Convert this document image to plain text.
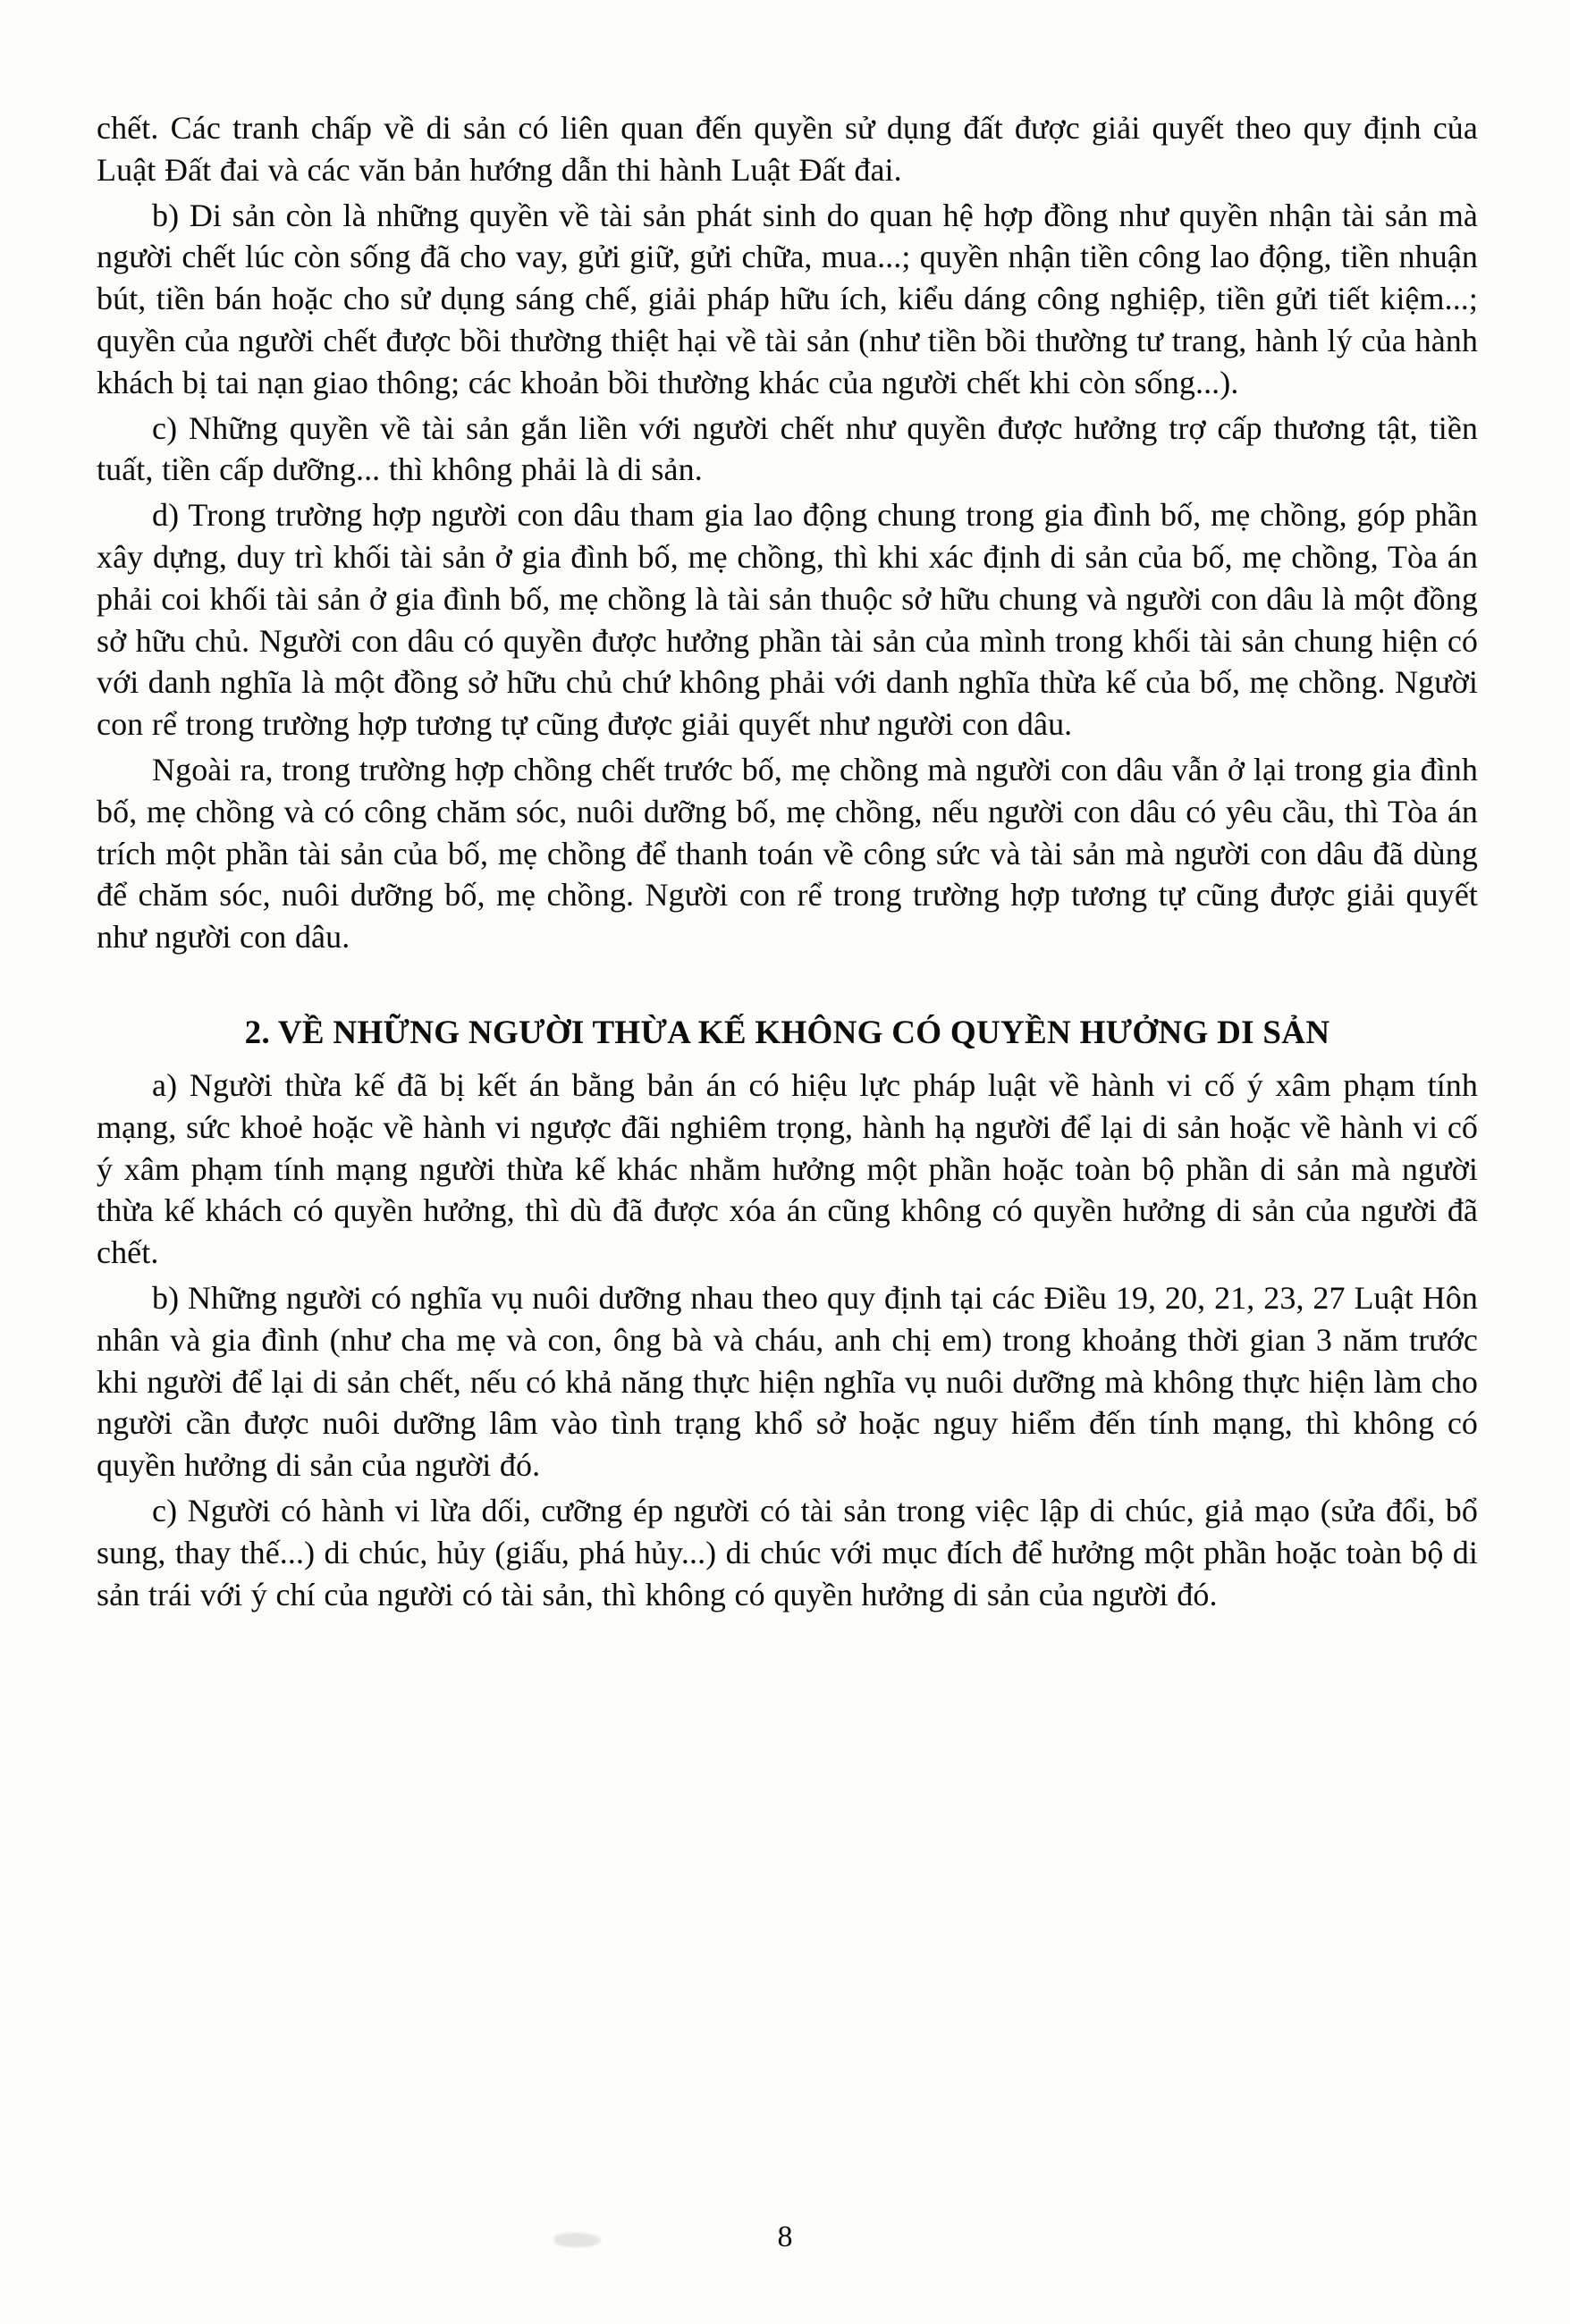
chết. Các tranh chấp về di sản có liên quan đến quyền sử dụng đất được giải quyết theo quy định của Luật Đất đai và các văn bản hướng dẫn thi hành Luật Đất đai.

b) Di sản còn là những quyền về tài sản phát sinh do quan hệ hợp đồng như quyền nhận tài sản mà người chết lúc còn sống đã cho vay, gửi giữ, gửi chữa, mua...; quyền nhận tiền công lao động, tiền nhuận bút, tiền bán hoặc cho sử dụng sáng chế, giải pháp hữu ích, kiểu dáng công nghiệp, tiền gửi tiết kiệm...; quyền của người chết được bồi thường thiệt hại về tài sản (như tiền bồi thường tư trang, hành lý của hành khách bị tai nạn giao thông; các khoản bồi thường khác của người chết khi còn sống...).

c) Những quyền về tài sản gắn liền với người chết như quyền được hưởng trợ cấp thương tật, tiền tuất, tiền cấp dưỡng... thì không phải là di sản.

d) Trong trường hợp người con dâu tham gia lao động chung trong gia đình bố, mẹ chồng, góp phần xây dựng, duy trì khối tài sản ở gia đình bố, mẹ chồng, thì khi xác định di sản của bố, mẹ chồng, Tòa án phải coi khối tài sản ở gia đình bố, mẹ chồng là tài sản thuộc sở hữu chung và người con dâu là một đồng sở hữu chủ. Người con dâu có quyền được hưởng phần tài sản của mình trong khối tài sản chung hiện có với danh nghĩa là một đồng sở hữu chủ chứ không phải với danh nghĩa thừa kế của bố, mẹ chồng. Người con rể trong trường hợp tương tự cũng được giải quyết như người con dâu.

Ngoài ra, trong trường hợp chồng chết trước bố, mẹ chồng mà người con dâu vẫn ở lại trong gia đình bố, mẹ chồng và có công chăm sóc, nuôi dưỡng bố, mẹ chồng, nếu người con dâu có yêu cầu, thì Tòa án trích một phần tài sản của bố, mẹ chồng để thanh toán về công sức và tài sản mà người con dâu đã dùng để chăm sóc, nuôi dưỡng bố, mẹ chồng. Người con rể trong trường hợp tương tự cũng được giải quyết như người con dâu.

2. VỀ NHỮNG NGƯỜI THỪA KẾ KHÔNG CÓ QUYỀN HƯỞNG DI SẢN

a) Người thừa kế đã bị kết án bằng bản án có hiệu lực pháp luật về hành vi cố ý xâm phạm tính mạng, sức khoẻ hoặc về hành vi ngược đãi nghiêm trọng, hành hạ người để lại di sản hoặc về hành vi cố ý xâm phạm tính mạng người thừa kế khác nhằm hưởng một phần hoặc toàn bộ phần di sản mà người thừa kế khách có quyền hưởng, thì dù đã được xóa án cũng không có quyền hưởng di sản của người đã chết.

b) Những người có nghĩa vụ nuôi dưỡng nhau theo quy định tại các Điều 19, 20, 21, 23, 27 Luật Hôn nhân và gia đình (như cha mẹ và con, ông bà và cháu, anh chị em) trong khoảng thời gian 3 năm trước khi người để lại di sản chết, nếu có khả năng thực hiện nghĩa vụ nuôi dưỡng mà không thực hiện làm cho người cần được nuôi dưỡng lâm vào tình trạng khổ sở hoặc nguy hiểm đến tính mạng, thì không có quyền hưởng di sản của người đó.

c) Người có hành vi lừa dối, cưỡng ép người có tài sản trong việc lập di chúc, giả mạo (sửa đổi, bổ sung, thay thế...) di chúc, hủy (giấu, phá hủy...) di chúc với mục đích để hưởng một phần hoặc toàn bộ di sản trái với ý chí của người có tài sản, thì không có quyền hưởng di sản của người đó.

8
